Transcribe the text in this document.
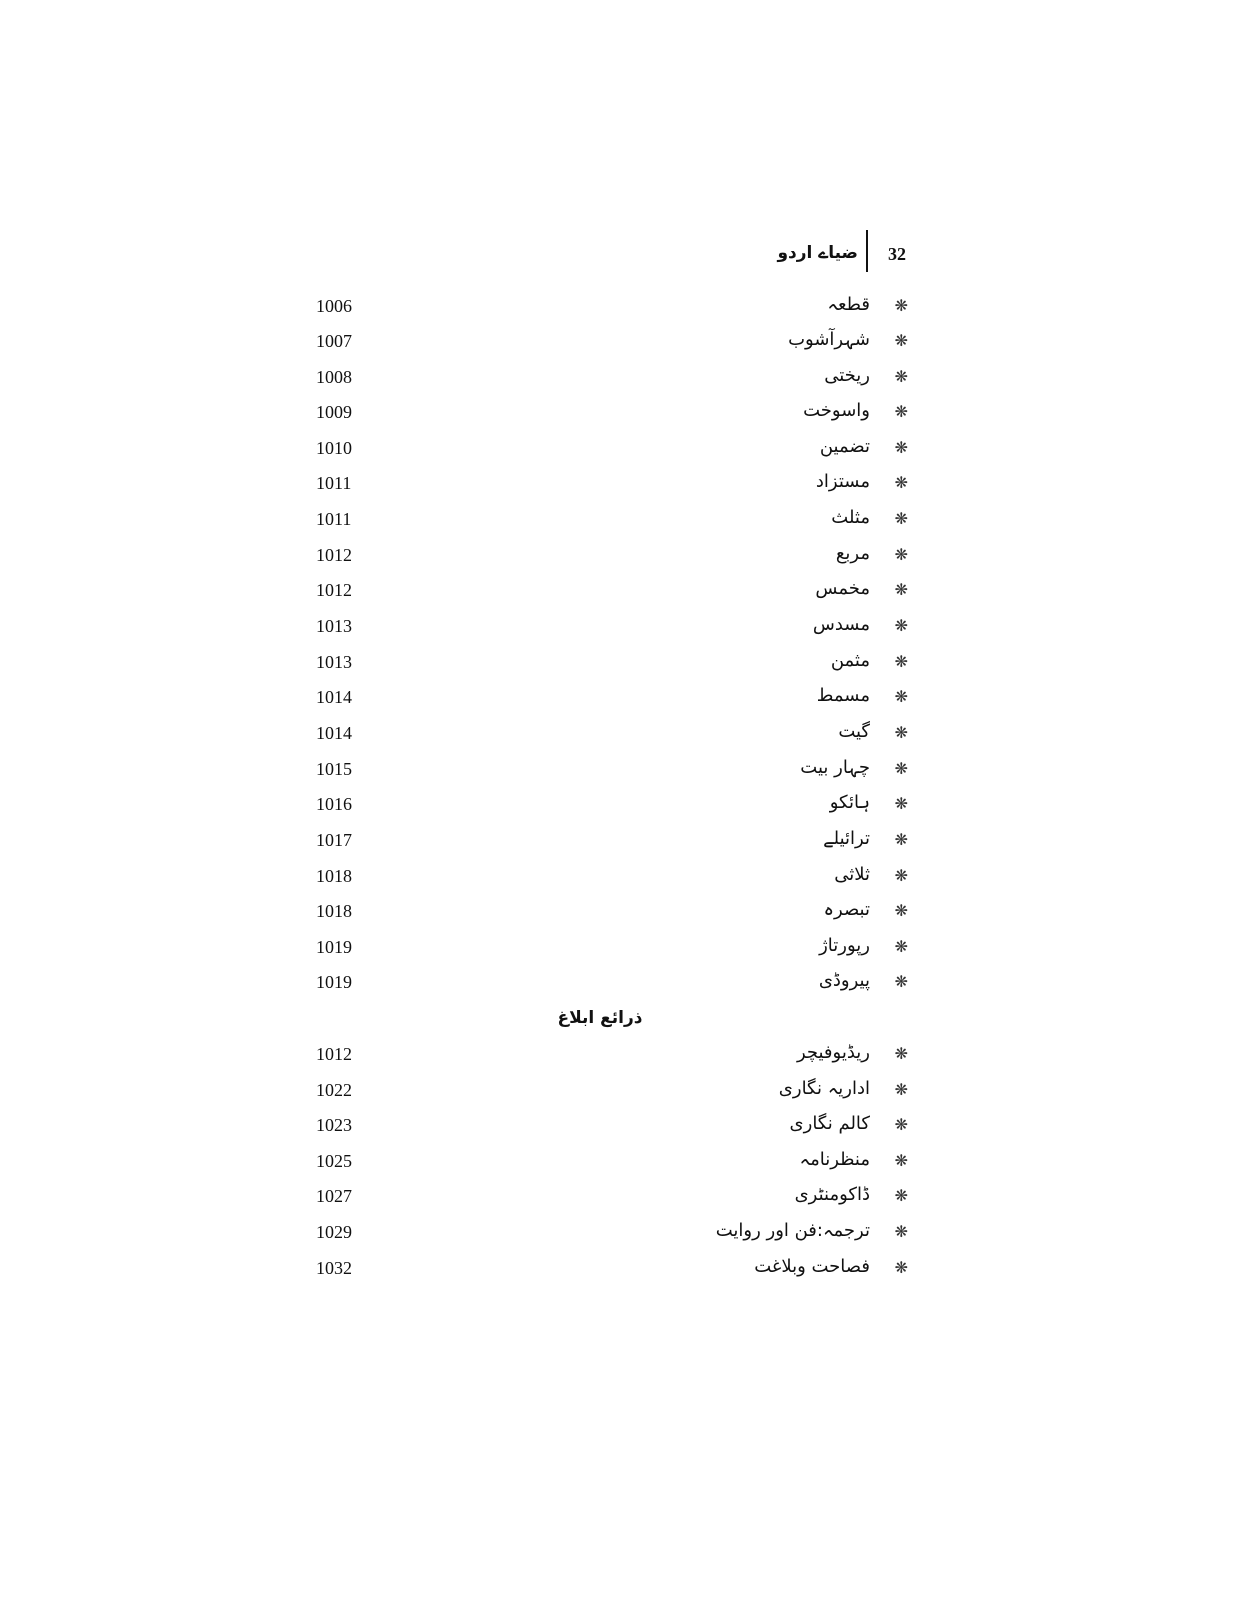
32
ضیاے اردو
1006	قطعہ ❋
1007	شہرآشوب ❋
1008	ریختی ❋
1009	واسوخت ❋
1010	تضمین ❋
1011	مستزاد ❋
1011	مثلث ❋
1012	مربع ❋
1012	مخمس ❋
1013	مسدس ❋
1013	مثمن ❋
1014	مسمط ❋
1014	گیت ❋
1015	چہار بیت ❋
1016	ہائکو ❋
1017	ترائیلے ❋
1018	ثلاثی ❋
1018	تبصرہ ❋
1019	رپورتاژ ❋
1019	پیروڈی ❋
ذرائع ابلاغ
1012	ریڈیوفیچر ❋
1022	اداریہ نگاری ❋
1023	کالم نگاری ❋
1025	منظرنامہ ❋
1027	ڈاکومنٹری ❋
1029	ترجمہ:فن اور روایت ❋
1032	فصاحت وبلاغت ❋
